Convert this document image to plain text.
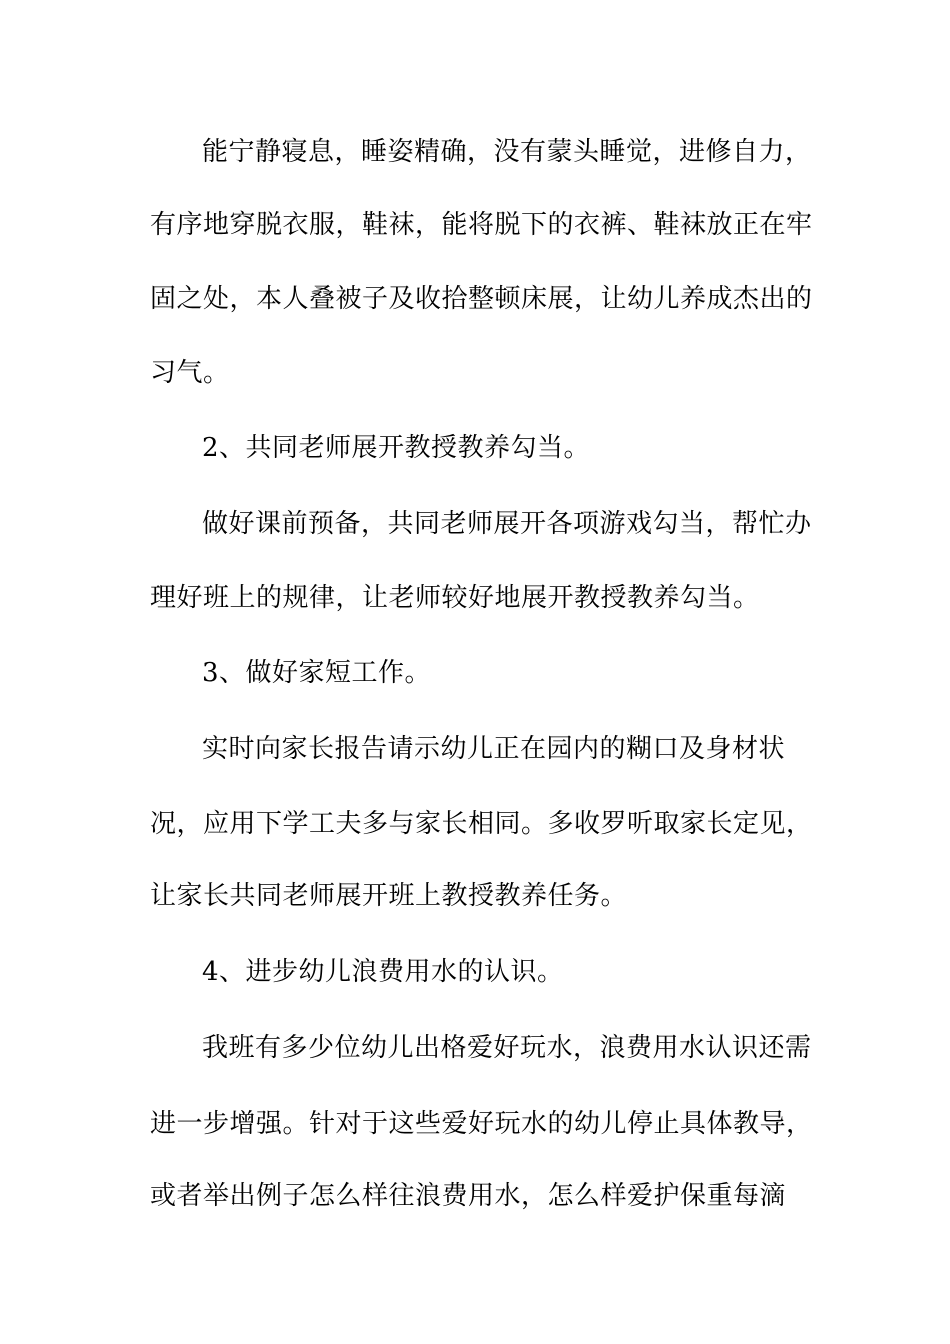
能宁静寝息，睡姿精确，没有蒙头睡觉，进修自力，
有序地穿脱衣服，鞋袜，能将脱下的衣裤、鞋袜放正在牢
固之处，本人叠被子及收拾整顿床展，让幼儿养成杰出的
习气。
2、共同老师展开教授教养勾当。
做好课前预备，共同老师展开各项游戏勾当，帮忙办
理好班上的规律，让老师较好地展开教授教养勾当。
3、做好家短工作。
实时向家长报告请示幼儿正在园内的糊口及身材状
况，应用下学工夫多与家长相同。多收罗听取家长定见，
让家长共同老师展开班上教授教养任务。
4、进步幼儿浪费用水的认识。
我班有多少位幼儿出格爱好玩水，浪费用水认识还需
进一步增强。针对于这些爱好玩水的幼儿停止具体教导，
或者举出例子怎么样往浪费用水，怎么样爱护保重每滴
